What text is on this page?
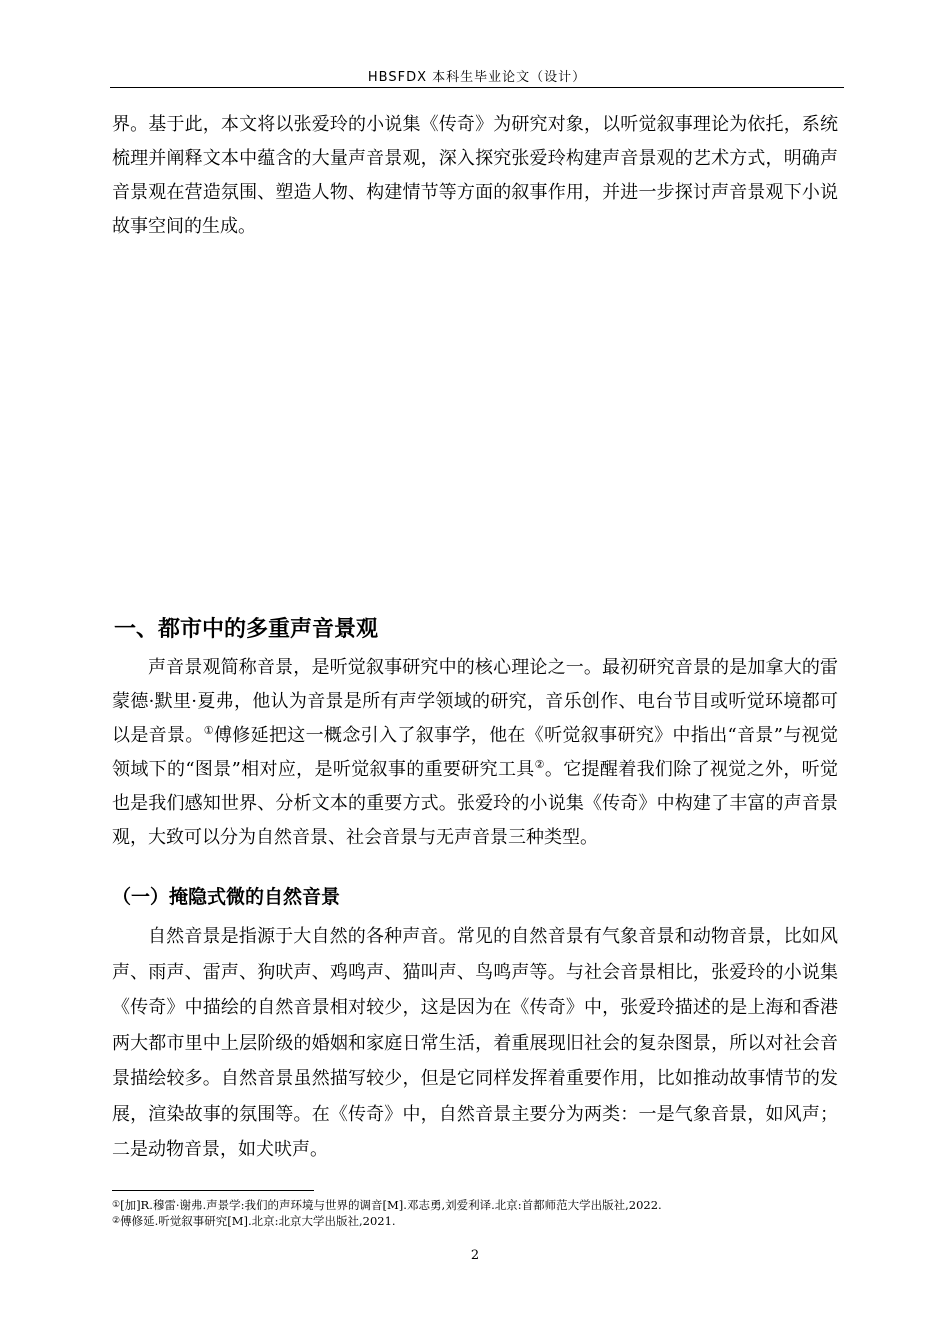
HBSFDX 本科生毕业论文（设计）

界。基于此，本文将以张爱玲的小说集《传奇》为研究对象，以听觉叙事理论为依托，系统梳理并阐释文本中蕴含的大量声音景观，深入探究张爱玲构建声音景观的艺术方式，明确声音景观在营造氛围、塑造人物、构建情节等方面的叙事作用，并进一步探讨声音景观下小说故事空间的生成。

一、都市中的多重声音景观

声音景观简称音景，是听觉叙事研究中的核心理论之一。最初研究音景的是加拿大的雷蒙德·默里·夏弗，他认为音景是所有声学领域的研究，音乐创作、电台节目或听觉环境都可以是音景。①傅修延把这一概念引入了叙事学，他在《听觉叙事研究》中指出“音景”与视觉领域下的“图景”相对应，是听觉叙事的重要研究工具②。它提醒着我们除了视觉之外，听觉也是我们感知世界、分析文本的重要方式。张爱玲的小说集《传奇》中构建了丰富的声音景观，大致可以分为自然音景、社会音景与无声音景三种类型。

（一）掩隐式微的自然音景

自然音景是指源于大自然的各种声音。常见的自然音景有气象音景和动物音景，比如风声、雨声、雷声、狗吠声、鸡鸣声、猫叫声、鸟鸣声等。与社会音景相比，张爱玲的小说集《传奇》中描绘的自然音景相对较少，这是因为在《传奇》中，张爱玲描述的是上海和香港两大都市里中上层阶级的婚姻和家庭日常生活，着重展现旧社会的复杂图景，所以对社会音景描绘较多。自然音景虽然描写较少，但是它同样发挥着重要作用，比如推动故事情节的发展，渲染故事的氛围等。在《传奇》中，自然音景主要分为两类：一是气象音景，如风声；二是动物音景，如犬吠声。

①[加]R.穆雷·谢弗.声景学:我们的声环境与世界的调音[M].邓志勇,刘爱利译.北京:首都师范大学出版社,2022.

②傅修延.听觉叙事研究[M].北京:北京大学出版社,2021.

2
